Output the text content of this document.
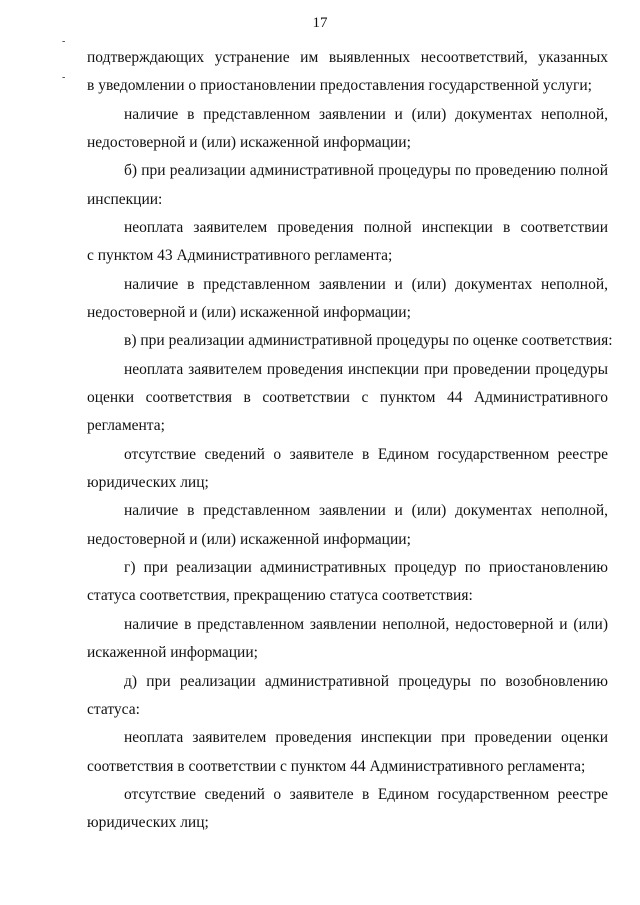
17
-
-
подтверждающих устранение им выявленных несоответствий, указанных
в уведомлении о приостановлении предоставления государственной услуги;
наличие в представленном заявлении и (или) документах неполной,
недостоверной и (или) искаженной информации;
б) при реализации административной процедуры по проведению полной
инспекции:
неоплата заявителем проведения полной инспекции в соответствии
с пунктом 43 Административного регламента;
наличие в представленном заявлении и (или) документах неполной,
недостоверной и (или) искаженной информации;
в) при реализации административной процедуры по оценке соответствия:
неоплата заявителем проведения инспекции при проведении процедуры
оценки соответствия в соответствии с пунктом 44 Административного
регламента;
отсутствие сведений о заявителе в Едином государственном реестре
юридических лиц;
наличие в представленном заявлении и (или) документах неполной,
недостоверной и (или) искаженной информации;
г) при реализации административных процедур по приостановлению
статуса соответствия, прекращению статуса соответствия:
наличие в представленном заявлении неполной, недостоверной и (или)
искаженной информации;
д) при реализации административной процедуры по возобновлению
статуса:
неоплата заявителем проведения инспекции при проведении оценки
соответствия в соответствии с пунктом 44 Административного регламента;
отсутствие сведений о заявителе в Едином государственном реестре
юридических лиц;
